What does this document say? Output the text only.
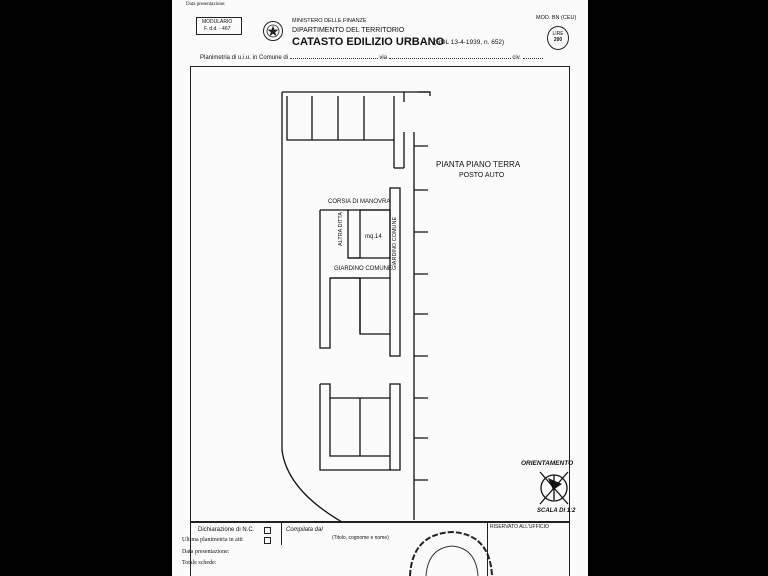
Data presentazione:
MODULARIO
F. d.d. - 467
MINISTERO DELLE FINANZE
DIPARTIMENTO DEL TERRITORIO
CATASTO EDILIZIO URBANO
(RDL 13-4-1939, n. 652)
MOD. BN (CEU)
LIRE
200
Planimetria di u.i.u. in Comune di	via	civ.
PIANTA PIANO TERRA
POSTO AUTO
CORSIA DI MANOVRA
mq.14
GIARDINO COMUNE
ALTRA DITTA	GIARDINO COMUNE
ORIENTAMENTO
SCALA DI 1:2
Dichiarazione di N.C.
Ultima planimetria in atti
Compilata dal
(Titolo, cognome e nome)
RISERVATO ALL'UFFICIO
Data presentazione:
Totale schede:
